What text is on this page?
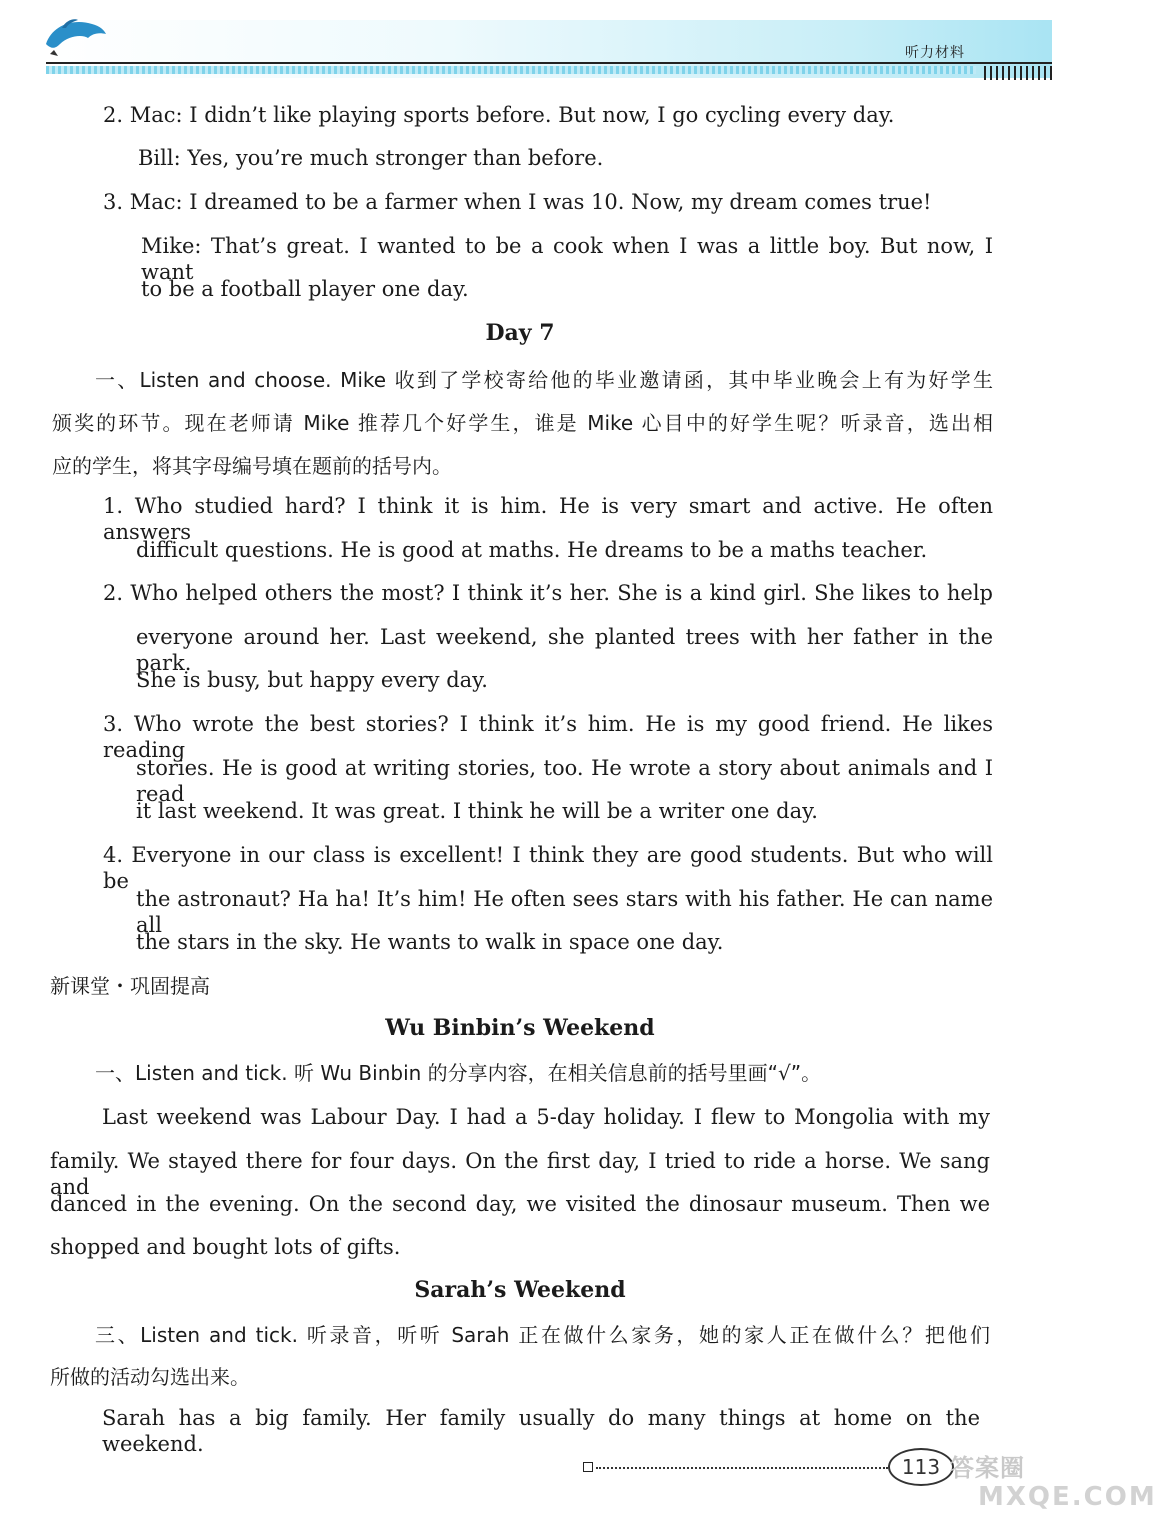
听力材料
2. Mac: I didn’t like playing sports before. But now, I go cycling every day.
Bill: Yes, you’re much stronger than before.
3. Mac: I dreamed to be a farmer when I was 10. Now, my dream comes true!
Mike: That’s great. I wanted to be a cook when I was a little boy. But now, I want
to be a football player one day.
Day 7
一、Listen and choose. Mike 收到了学校寄给他的毕业邀请函，其中毕业晚会上有为好学生
颁奖的环节。现在老师请 Mike 推荐几个好学生，谁是 Mike 心目中的好学生呢？听录音，选出相
应的学生，将其字母编号填在题前的括号内。
1. Who studied hard? I think it is him. He is very smart and active. He often answers
difficult questions. He is good at maths. He dreams to be a maths teacher.
2. Who helped others the most? I think it’s her. She is a kind girl. She likes to help
everyone around her. Last weekend, she planted trees with her father in the park.
She is busy, but happy every day.
3. Who wrote the best stories? I think it’s him. He is my good friend. He likes reading
stories. He is good at writing stories, too. He wrote a story about animals and I read
it last weekend. It was great. I think he will be a writer one day.
4. Everyone in our class is excellent! I think they are good students. But who will be
the astronaut? Ha ha! It’s him! He often sees stars with his father. He can name all
the stars in the sky. He wants to walk in space one day.
新课堂・巩固提高
Wu Binbin’s Weekend
一、Listen and tick. 听 Wu Binbin 的分享内容，在相关信息前的括号里画“√”。
Last weekend was Labour Day. I had a 5-day holiday. I flew to Mongolia with my
family. We stayed there for four days. On the first day, I tried to ride a horse. We sang and
danced in the evening. On the second day, we visited the dinosaur museum. Then we
shopped and bought lots of gifts.
Sarah’s Weekend
三、Listen and tick. 听录音，听听 Sarah 正在做什么家务，她的家人正在做什么？把他们
所做的活动勾选出来。
Sarah has a big family. Her family usually do many things at home on the weekend.
113 答案圈
MXQE.COM
